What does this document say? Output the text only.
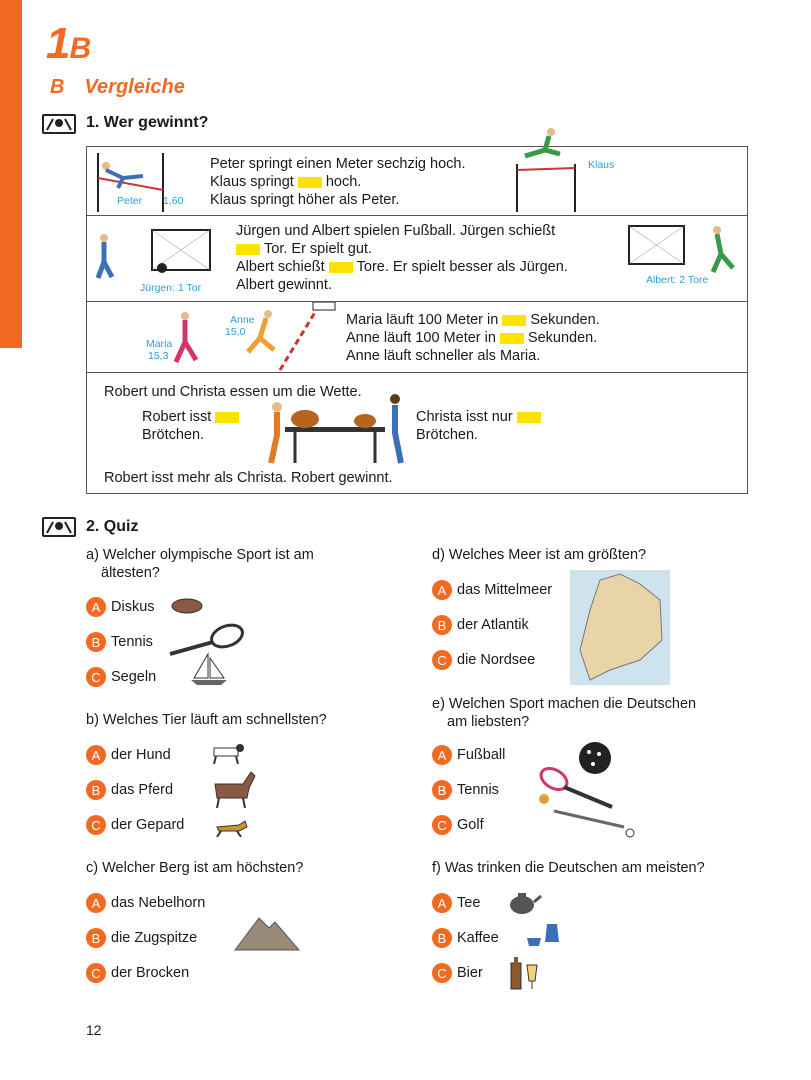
1B
B Vergleiche
1. Wer gewinnt?
Peter 1,60
Peter springt einen Meter sechzig hoch.
Klaus springt hoch.
Klaus springt höher als Peter.
Klaus
Jürgen: 1 Tor
Jürgen und Albert spielen Fußball. Jürgen schießt
Tor. Er spielt gut.
Albert schießt Tore. Er spielt besser als Jürgen.
Albert gewinnt.	Albert: 2 Tore
Anne
15,0
Maria
15,3
Maria läuft 100 Meter in Sekunden.
Anne läuft 100 Meter in Sekunden.
Anne läuft schneller als Maria.
Robert und Christa essen um die Wette.
Robert isst
Brötchen.
Christa isst nur
Brötchen.
Robert isst mehr als Christa. Robert gewinnt.
2. Quiz
a) Welcher olympische Sport ist am
ältesten?
A Diskus
B Tennis
C Segeln
b) Welches Tier läuft am schnellsten?
A der Hund
B das Pferd
C der Gepard
c) Welcher Berg ist am höchsten?
A das Nebelhorn
B die Zugspitze
C der Brocken
d) Welches Meer ist am größten?
A das Mittelmeer
B der Atlantik
C die Nordsee
e) Welchen Sport machen die Deutschen
am liebsten?
A Fußball
B Tennis
C Golf
f) Was trinken die Deutschen am meisten?
A Tee
B Kaffee
C Bier
12
